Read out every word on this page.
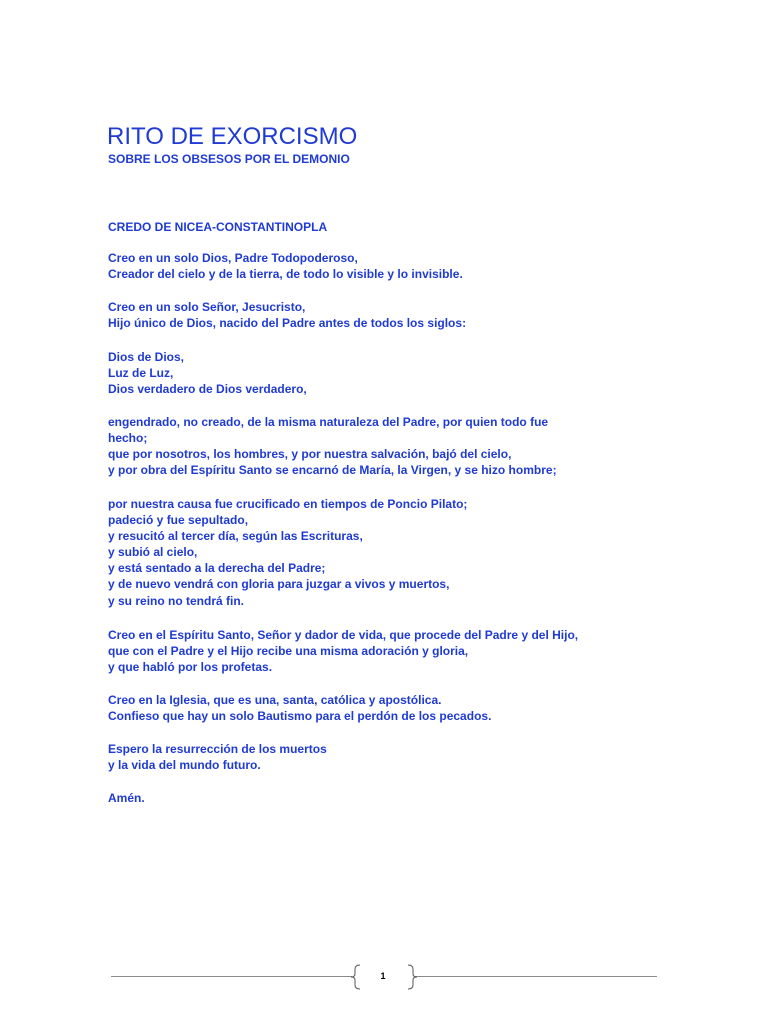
RITO DE EXORCISMO
SOBRE LOS OBSESOS POR EL DEMONIO
CREDO DE NICEA-CONSTANTINOPLA
Creo en un solo Dios, Padre Todopoderoso,
Creador del cielo y de la tierra, de todo lo visible y lo invisible.
Creo en un solo Señor, Jesucristo,
Hijo único de Dios, nacido del Padre antes de todos los siglos:
Dios de Dios,
Luz de Luz,
Dios verdadero de Dios verdadero,
engendrado, no creado, de la misma naturaleza del Padre, por quien todo fue
hecho;
que por nosotros, los hombres, y por nuestra salvación, bajó del cielo,
y por obra del Espíritu Santo se encarnó de María, la Virgen, y se hizo hombre;
por nuestra causa fue crucificado en tiempos de Poncio Pilato;
padeció y fue sepultado,
y resucitó al tercer día, según las Escrituras,
y subió al cielo,
y está sentado a la derecha del Padre;
y de nuevo vendrá con gloria para juzgar a vivos y muertos,
y su reino no tendrá fin.
Creo en el Espíritu Santo, Señor y dador de vida, que procede del Padre y del Hijo,
que con el Padre y el Hijo recibe una misma adoración y gloria,
y que habló por los profetas.
Creo en la Iglesia, que es una, santa, católica y apostólica.
Confieso que hay un solo Bautismo para el perdón de los pecados.
Espero la resurrección de los muertos
y la vida del mundo futuro.
Amén.
1
